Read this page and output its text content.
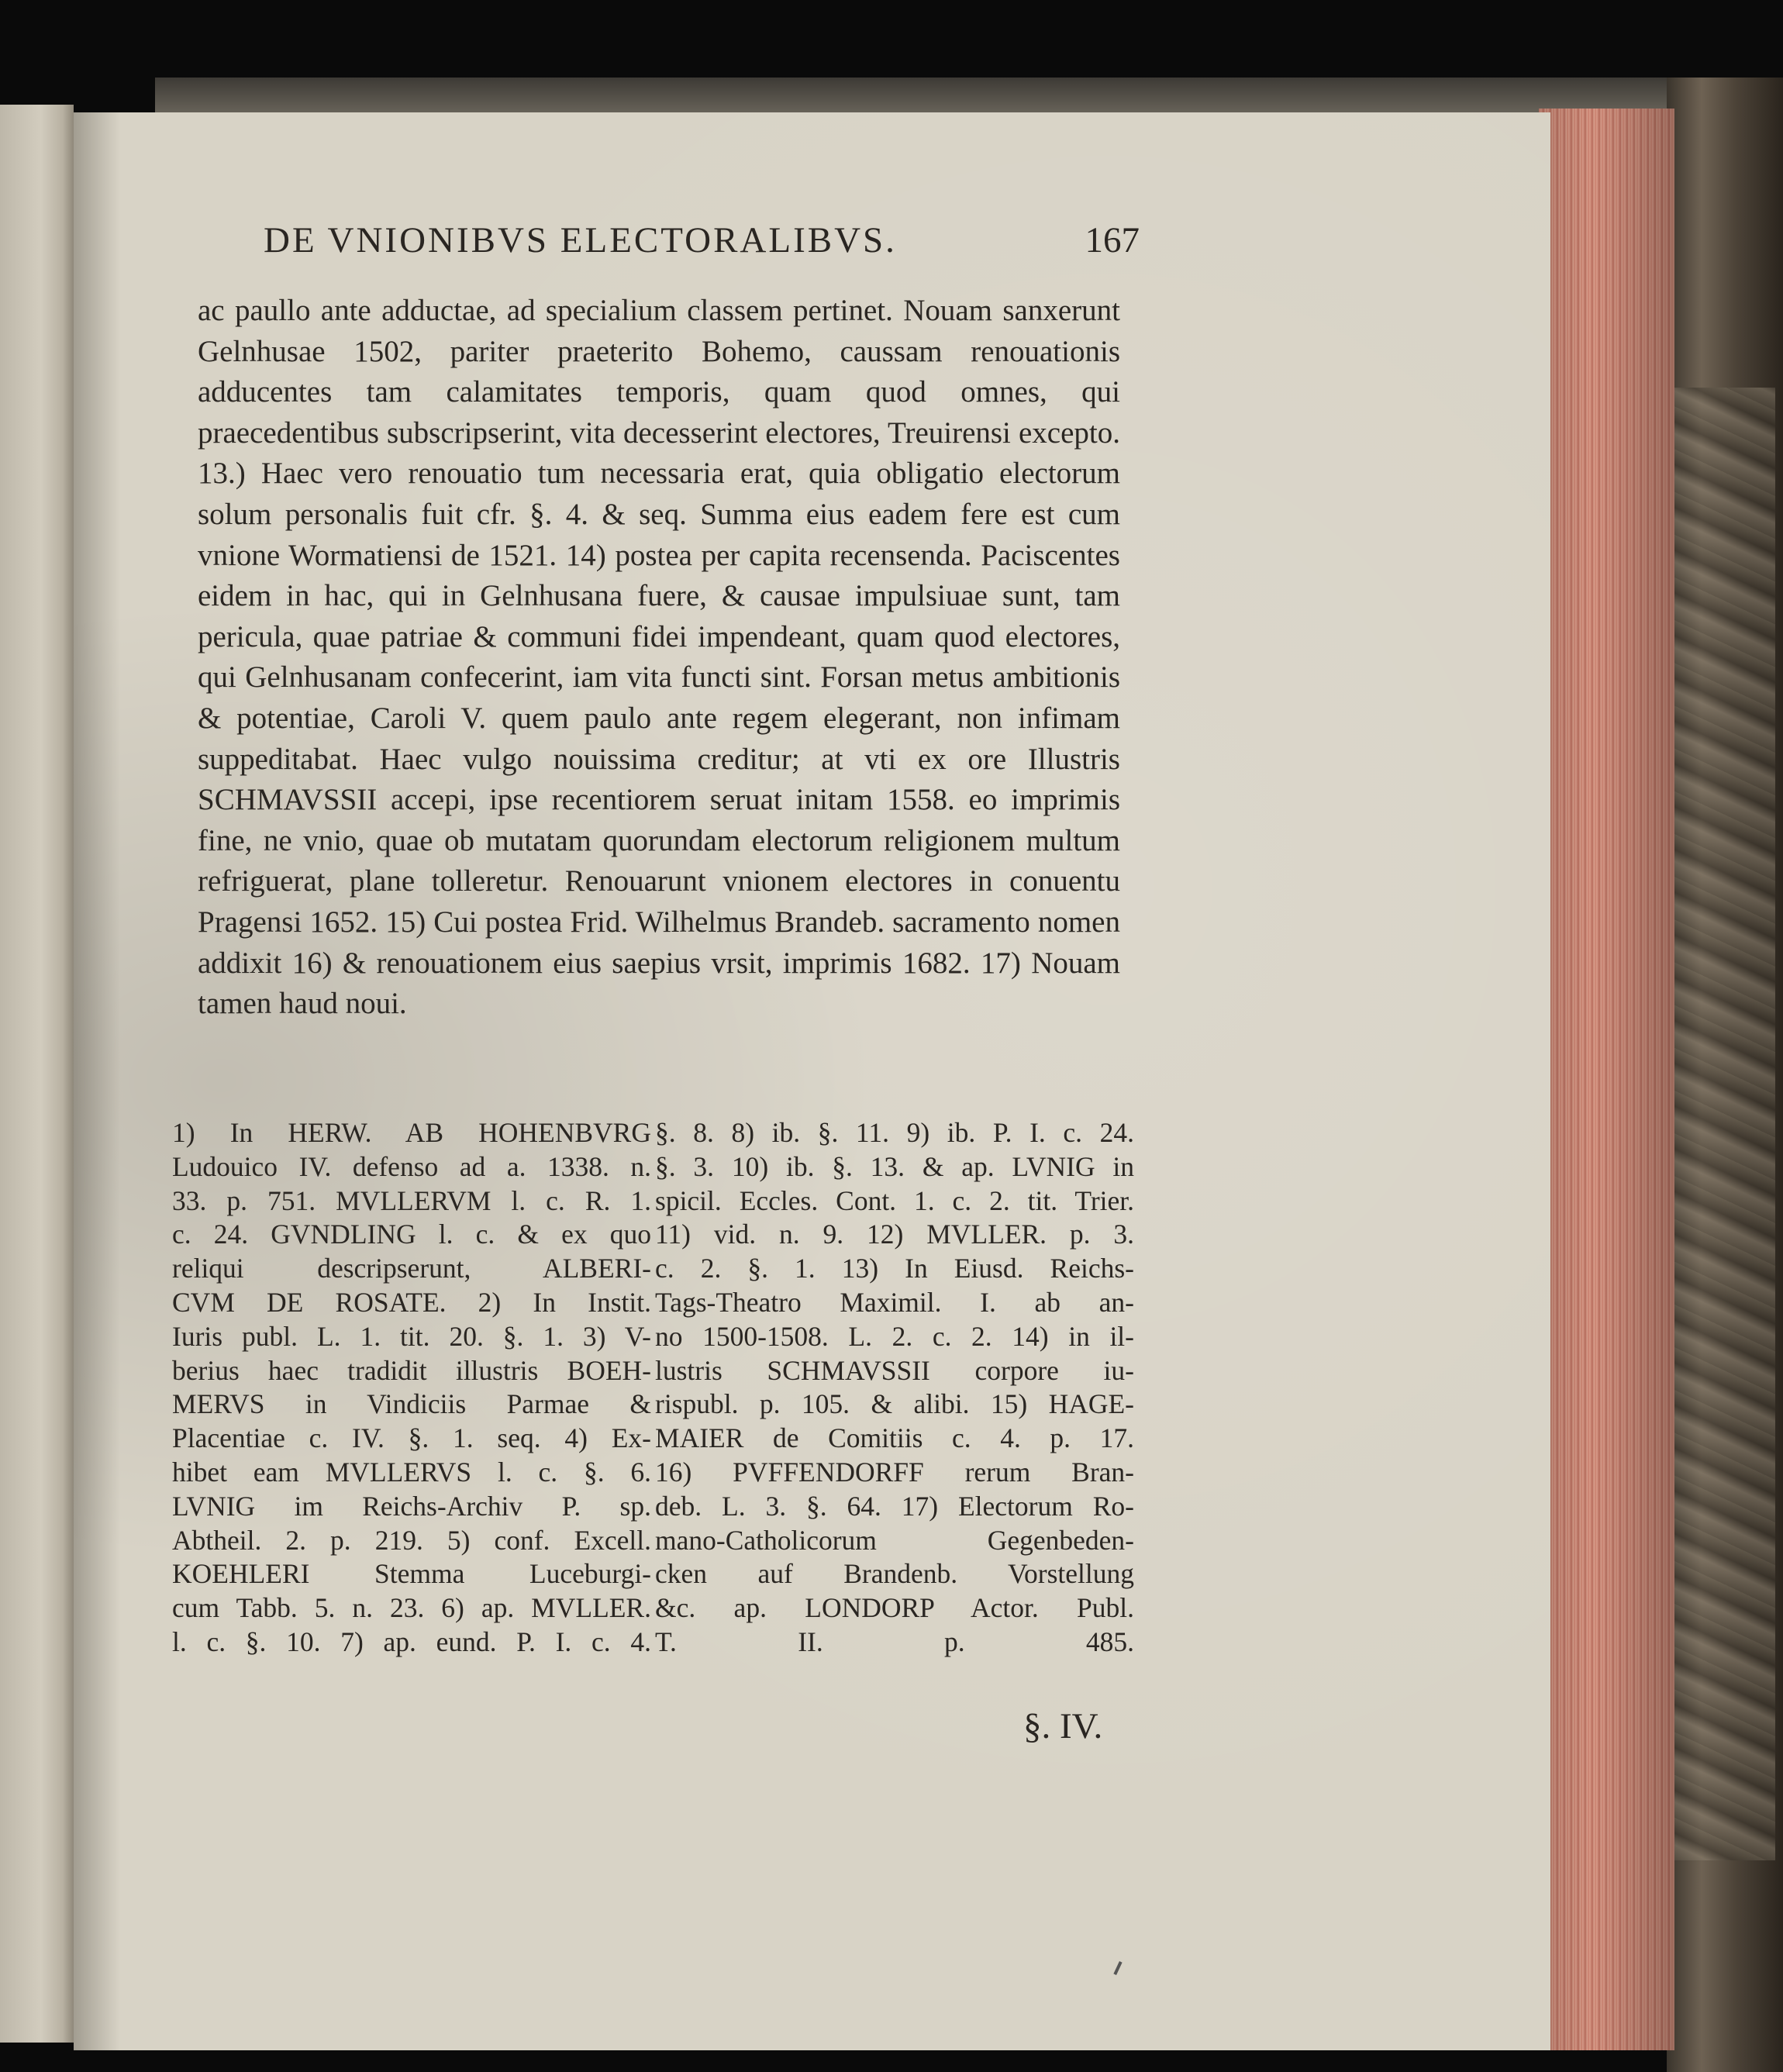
DE VNIONIBVS ELECTORALIBVS.	167

ac paullo ante adductae, ad specialium classem pertinet. Nouam sanxerunt Gelnhusae 1502, pariter praeterito Bohemo, caussam renouationis adducentes tam calamitates temporis, quam quod omnes, qui praecedentibus subscripserint, vita decesserint electores, Treuirensi excepto. 13.) Haec vero renouatio tum necessaria erat, quia obligatio electorum solum personalis fuit cfr. §. 4. & seq. Summa eius eadem fere est cum vnione Wormatiensi de 1521. 14) postea per capita recensenda. Paciscentes eidem in hac, qui in Gelnhusana fuere, & causae impulsiuae sunt, tam pericula, quae patriae & communi fidei impendeant, quam quod electores, qui Gelnhusanam confecerint, iam vita functi sint. Forsan metus ambitionis & potentiae, Caroli V. quem paulo ante regem elegerant, non infimam suppeditabat. Haec vulgo nouissima creditur; at vti ex ore Illustris SCHMAVSSII accepi, ipse recentiorem seruat initam 1558. eo imprimis fine, ne vnio, quae ob mutatam quorundam electorum religionem multum refriguerat, plane tolleretur. Renouarunt vnionem electores in conuentu Pragensi 1652. 15) Cui postea Frid. Wilhelmus Brandeb. sacramento nomen addixit 16) & renouationem eius saepius vrsit, imprimis 1682. 17) Nouam tamen haud noui.

1) In HERW. AB HOHENBVRG
Ludouico IV. defenso ad a. 1338. n.
33. p. 751. MVLLERVM l. c. R. 1.
c. 24. GVNDLING l. c. & ex quo
reliqui descripserunt, ALBERI-
CVM DE ROSATE. 2) In Instit.
Iuris publ. L. 1. tit. 20. §. 1. 3) V-
berius haec tradidit illustris BOEH-
MERVS in Vindiciis Parmae &
Placentiae c. IV. §. 1. seq. 4) Ex-
hibet eam MVLLERVS l. c. §. 6.
LVNIG im Reichs-Archiv P. sp.
Abtheil. 2. p. 219. 5) conf. Excell.
KOEHLERI Stemma Luceburgi-
cum Tabb. 5. n. 23. 6) ap. MVLLER.
l. c. §. 10. 7) ap. eund. P. I. c. 4.
§. 8. 8) ib. §. 11. 9) ib. P. I. c. 24.
§. 3. 10) ib. §. 13. & ap. LVNIG in
spicil. Eccles. Cont. 1. c. 2. tit. Trier.
11) vid. n. 9. 12) MVLLER. p. 3.
c. 2. §. 1. 13) In Eiusd. Reichs-
Tags-Theatro Maximil. I. ab an-
no 1500-1508. L. 2. c. 2. 14) in il-
lustris SCHMAVSSII corpore iu-
rispubl. p. 105. & alibi. 15) HAGE-
MAIER de Comitiis c. 4. p. 17.
16) PVFFENDORFF rerum Bran-
deb. L. 3. §. 64. 17) Electorum Ro-
mano-Catholicorum Gegenbeden-
cken auf Brandenb. Vorstellung
&c. ap. LONDORP Actor. Publ.
T. II. p. 485.
§. IV.
